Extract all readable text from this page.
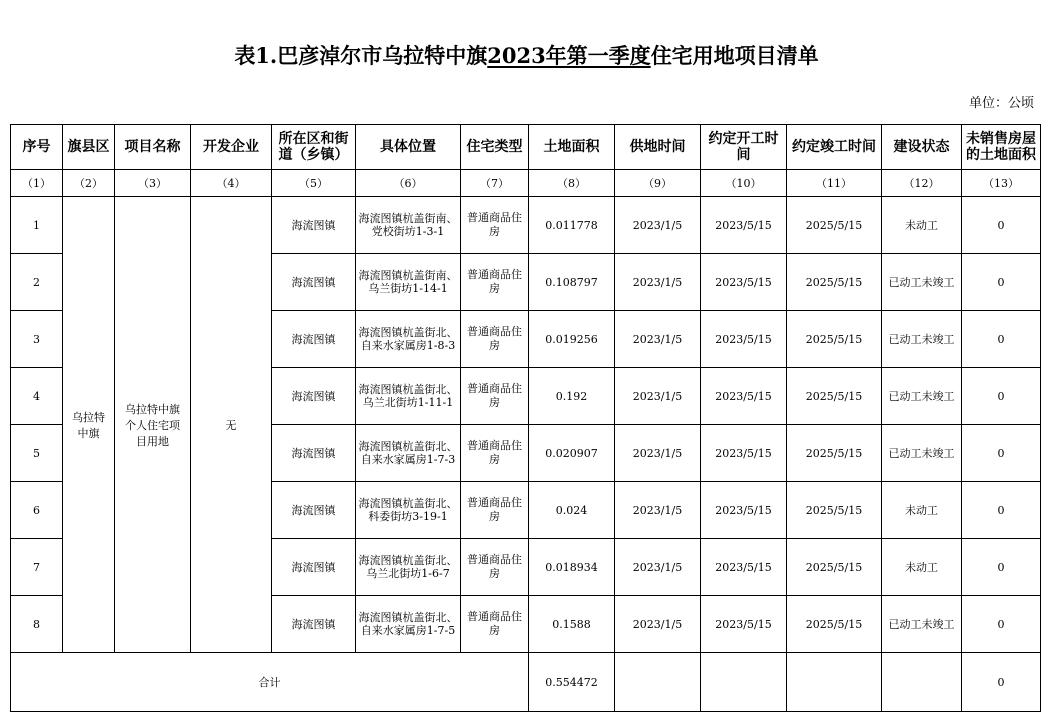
表1.巴彦淖尔市乌拉特中旗2023年第一季度住宅用地项目清单
单位：公顷
序号	旗县区	项目名称	开发企业	所在区和街道（乡镇）	具体位置	住宅类型	土地面积	供地时间	约定开工时间	约定竣工时间	建设状态	未销售房屋的土地面积
（1）	（2）	（3）	（4）	（5）	（6）	（7）	（8）	（9）	（10）	（11）	（12）	（13）
1	乌拉特中旗	乌拉特中旗个人住宅项目用地	无	海流图镇	海流图镇杭盖街南、党校街坊1-3-1	普通商品住房	0.011778	2023/1/5	2023/5/15	2025/5/15	未动工	0
2				海流图镇	海流图镇杭盖街南、乌兰街坊1-14-1	普通商品住房	0.108797	2023/1/5	2023/5/15	2025/5/15	已动工未竣工	0
3				海流图镇	海流图镇杭盖街北、自来水家属房1-8-3	普通商品住房	0.019256	2023/1/5	2023/5/15	2025/5/15	已动工未竣工	0
4				海流图镇	海流图镇杭盖街北、乌兰北街坊1-11-1	普通商品住房	0.192	2023/1/5	2023/5/15	2025/5/15	已动工未竣工	0
5				海流图镇	海流图镇杭盖街北、自来水家属房1-7-3	普通商品住房	0.020907	2023/1/5	2023/5/15	2025/5/15	已动工未竣工	0
6				海流图镇	海流图镇杭盖街北、科委街坊3-19-1	普通商品住房	0.024	2023/1/5	2023/5/15	2025/5/15	未动工	0
7				海流图镇	海流图镇杭盖街北、乌兰北街坊1-6-7	普通商品住房	0.018934	2023/1/5	2023/5/15	2025/5/15	未动工	0
8				海流图镇	海流图镇杭盖街北、自来水家属房1-7-5	普通商品住房	0.1588	2023/1/5	2023/5/15	2025/5/15	已动工未竣工	0
合计							0.554472					0
